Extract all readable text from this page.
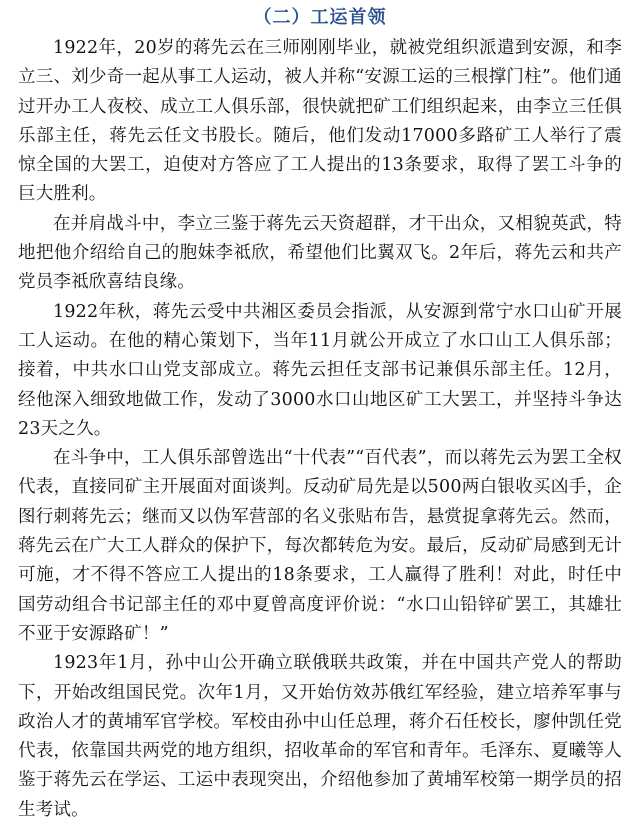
（二）工运首领

1922年，20岁的蒋先云在三师刚刚毕业，就被党组织派遣到安源，和李立三、刘少奇一起从事工人运动，被人并称“安源工运的三根撑门柱”。他们通过开办工人夜校、成立工人俱乐部，很快就把矿工们组织起来，由李立三任俱乐部主任，蒋先云任文书股长。随后，他们发动17000多路矿工人举行了震惊全国的大罢工，迫使对方答应了工人提出的13条要求，取得了罢工斗争的巨大胜利。

在并肩战斗中，李立三鉴于蒋先云天资超群，才干出众，又相貌英武，特地把他介绍给自己的胞妹李祗欣，希望他们比翼双飞。2年后，蒋先云和共产党员李祗欣喜结良缘。

1922年秋，蒋先云受中共湘区委员会指派，从安源到常宁水口山矿开展工人运动。在他的精心策划下，当年11月就公开成立了水口山工人俱乐部；接着，中共水口山党支部成立。蒋先云担任支部书记兼俱乐部主任。12月，经他深入细致地做工作，发动了3000水口山地区矿工大罢工，并坚持斗争达23天之久。

在斗争中，工人俱乐部曾选出“十代表”“百代表”，而以蒋先云为罢工全权代表，直接同矿主开展面对面谈判。反动矿局先是以500两白银收买凶手，企图行刺蒋先云；继而又以伪军营部的名义张贴布告，悬赏捉拿蒋先云。然而，蒋先云在广大工人群众的保护下，每次都转危为安。最后，反动矿局感到无计可施，才不得不答应工人提出的18条要求，工人赢得了胜利！对此，时任中国劳动组合书记部主任的邓中夏曾高度评价说：“水口山铅锌矿罢工，其雄壮不亚于安源路矿！”

1923年1月，孙中山公开确立联俄联共政策，并在中国共产党人的帮助下，开始改组国民党。次年1月，又开始仿效苏俄红军经验，建立培养军事与政治人才的黄埔军官学校。军校由孙中山任总理，蒋介石任校长，廖仲凯任党代表，依靠国共两党的地方组织，招收革命的军官和青年。毛泽东、夏曦等人鉴于蒋先云在学运、工运中表现突出，介绍他参加了黄埔军校第一期学员的招生考试。
